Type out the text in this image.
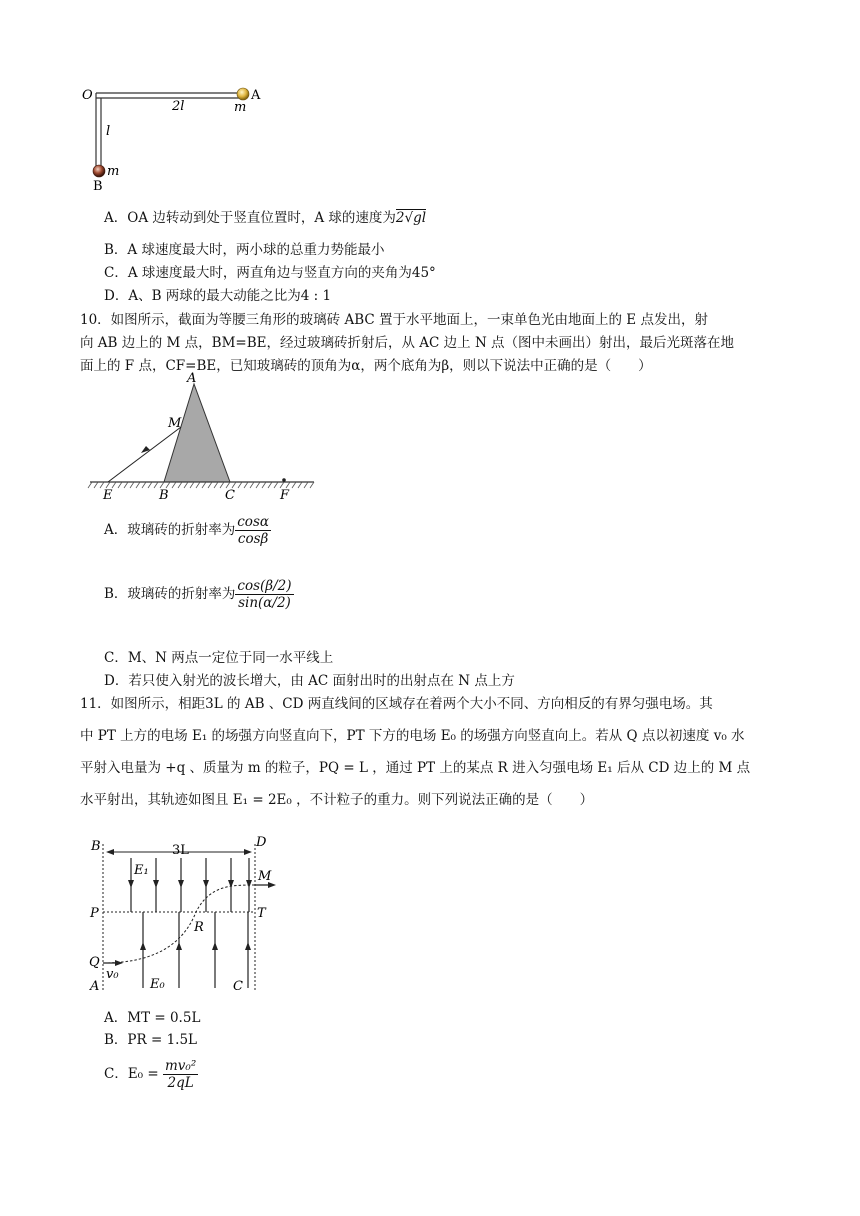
O	A
2l	m
l
m
B
A．OA 边转动到处于竖直位置时，A 球的速度为2√gl
B．A 球速度最大时，两小球的总重力势能最小
C．A 球速度最大时，两直角边与竖直方向的夹角为45°
D．A、B 两球的最大动能之比为4 : 1
10．如图所示，截面为等腰三角形的玻璃砖 ABC 置于水平地面上，一束单色光由地面上的 E 点发出，射
向 AB 边上的 M 点，BM=BE，经过玻璃砖折射后，从 AC 边上 N 点（图中未画出）射出，最后光斑落在地
面上的 F 点，CF=BE，已知玻璃砖的顶角为α，两个底角为β，则以下说法中正确的是（　　）
A
M
E	B	C	F
A．玻璃砖的折射率为 $\frac{\cos\alpha}{\cos\beta}$
B．玻璃砖的折射率为 $\frac{\cos(\beta/2)}{\sin(\alpha/2)}$
C．M、N 两点一定位于同一水平线上
D．若只使入射光的波长增大，由 AC 面射出时的出射点在 N 点上方
11．如图所示，相距3L 的 AB 、CD 两直线间的区域存在着两个大小不同、方向相反的有界匀强电场。其
中 PT 上方的电场 E₁ 的场强方向竖直向下，PT 下方的电场 E₀ 的场强方向竖直向上。若从 Q 点以初速度 v₀ 水
平射入电量为 +q 、质量为 m 的粒子，PQ = L ，通过 PT 上的某点 R 进入匀强电场 E₁ 后从 CD 边上的 M 点
水平射出，其轨迹如图且 E₁ = 2E₀ ，不计粒子的重力。则下列说法正确的是（　　）
B	D
3L
E₁	M
P	T
R
Q
v₀
A	E₀	C
A．MT = 0.5L
B．PR = 1.5L
C．$E_0 = \frac{\text{mv₀²}}{2qL}$
